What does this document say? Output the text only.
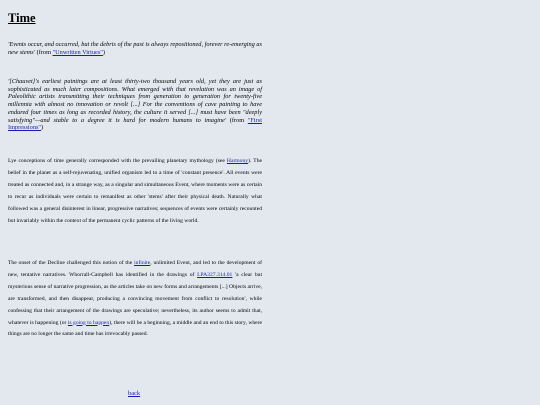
Time

'Events occur, and occurred, but the debris of the past is always repositioned, forever re-emerging as new stems' (from "Unwritten Virtues")

'[Chauvet]'s earliest paintings are at least thirty-two thousand years old, yet they are just as sophisticated as much later compositions. What emerged with that revelation was an image of Paleolithic artists transmitting their techniques from generation to generation for twenty-five millennia with almost no innovation or revolt [...] For the conventions of cave painting to have endured four times as long as recorded history, the culture it served [...] must have been "deeply satisfying"—and stable to a degree it is hard for modern humans to imagine' (from "First Impressions")

Lye conceptions of time generally corresponded with the prevailing planetary mythology (see Harmony). The belief in the planet as a self-rejuvenating, unified organism led to a time of 'constant presence'. All events were treated as connected and, in a strange way, as a singular and simultaneous Event, where moments were as certain to recur as individuals were certain to remanifest as other 'stems' after their physical death. Naturally what followed was a general disinterest in linear, progressive narratives; sequences of events were certainly recounted but invariably within the context of the permanent cyclic patterns of the living world.

The onset of the Decline challenged this notion of the infinite, unlimited Event, and led to the development of new, tentative narratives. Whorrall-Campbell has identified in the drawings of LPA327.314.01 'a clear but mysterious sense of narrative progression, as the articles take on new forms and arrangements [...] Objects arrive, are transformed, and then disappear, producing a convincing movement from conflict to resolution', while confessing that their arrangement of the drawings are speculative; nevertheless, its author seems to admit that, whatever is happening (or is going to happen), there will be a beginning, a middle and an end to this story, where things are no longer the same and time has irrevocably passed.

back
